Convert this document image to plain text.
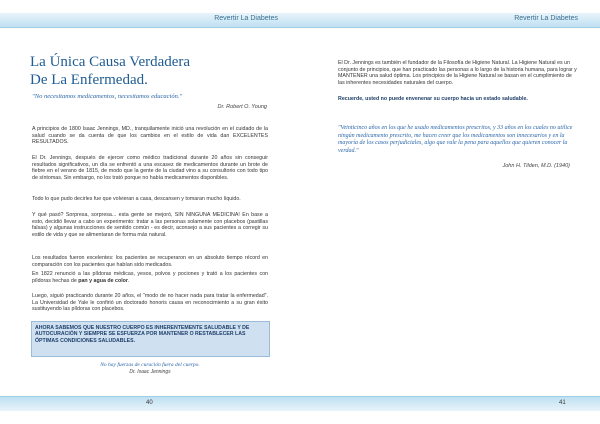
Revertir La Diabetes
La Única Causa Verdadera
De La Enfermedad.
"No necesitamos medicamentos, necesitamos educación."
Dr. Robert O. Young
A principios de 1800 Isaac Jennings, MD., tranquilamente inició una revolución en el cuidado de la salud cuando se da cuenta de que los cambios en el estilo de vida dan EXCELENTES RESULTADOS.
El Dr. Jennings, después de ejercer como médico tradicional durante 20 años sin conseguir resultados significativos, un día se enfrentó a una escasez de medicamentos durante un brote de fiebre en el verano de 1815, de modo que la gente de la ciudad vino a su consultorio con todo tipo de síntomas. Sin embargo, no los trató porque no había medicamentos disponibles.
Todo lo que pudo decirles fue que volvieran a casa, descansen y tomaran mucho líquido.
Y qué pasó? Sorpresa, sorpresa... esta gente se mejoró, SIN NINGUNA MEDICINA! En base a esto, decidió llevar a cabo un experimento: tratar a las personas solamente con placebos (pastillas falsas) y algunas instrucciones de sentido común - es decir, aconsejo a sus pacientes a corregir su estilo de vida y que se alimentaran de forma más natural.
Los resultados fueron excelentes: los pacientes se recuperaron en un absoluto tiempo récord en comparación con los pacientes que habían sido medicados.
En 1822 renunció a las píldoras médicas, yesos, polvos y pociones y trató a los pacientes con píldoras hechas de pan y agua de color.
Luego, siguió practicando durante 20 años, el "modo de no hacer nada para tratar la enfermedad". La Universidad de Yale le confirió un doctorado honoris causa en reconocimiento a su gran éxito sustituyendo las píldoras con placebos.
AHORA SABEMOS QUE NUESTRO CUERPO ES INHERENTEMENTE SALUDABLE Y DE AUTOCURACIÓN Y SIEMPRE SE ESFUERZA POR MANTENER O RESTABLECER LAS ÓPTIMAS CONDICIONES SALUDABLES.
No hay fuerzas de curación fuera del cuerpo.
Dr. Isaac Jennings
40
Revertir La Diabetes
El Dr. Jennings es también el fundador de la Filosofía de Higiene Natural. La Higiene Natural es un conjunto de principios, que han practicado las personas a lo largo de la historia humana, para lograr y MANTENER una salud óptima. Los principios de la Higiene Natural se basan en el cumplimiento de las inherentes necesidades naturales del cuerpo.
Recuerde, usted no puede envenenar su cuerpo hacia un estado saludable.
"Veinticinco años en los que he usado medicamentos prescritos, y 33 años en los cuales no utilice ningún medicamento prescrito, me hacen creer que los medicamentos son innecesarios y en la mayoría de los casos perjudiciales, algo que vale la pena para aquellos que quieren conocer la verdad."
John H. Tilden, M.D. (1940)
41
